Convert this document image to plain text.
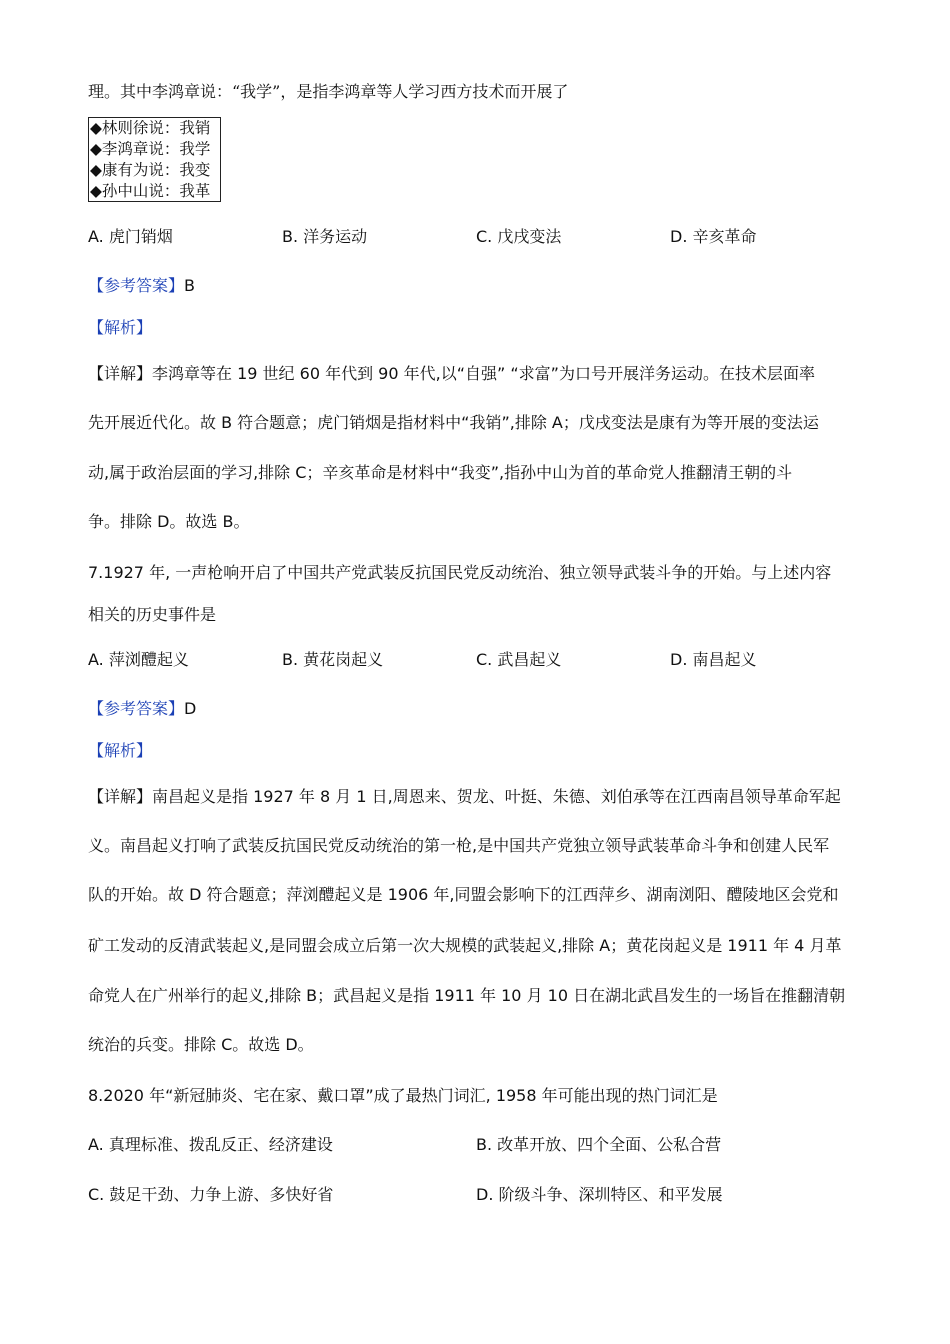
理。其中李鸿章说：“我学”，是指李鸿章等人学习西方技术而开展了
◆林则徐说：我销
◆李鸿章说：我学
◆康有为说：我变
◆孙中山说：我革
A. 虎门销烟	B. 洋务运动	C. 戊戌变法	D. 辛亥革命
【参考答案】B
【解析】
【详解】李鸿章等在 19 世纪 60 年代到 90 年代,以“自强” “求富”为口号开展洋务运动。在技术层面率
先开展近代化。故 B 符合题意；虎门销烟是指材料中“我销”,排除 A；戊戌变法是康有为等开展的变法运
动,属于政治层面的学习,排除 C；辛亥革命是材料中“我变”,指孙中山为首的革命党人推翻清王朝的斗
争。排除 D。故选 B。
7.1927 年, 一声枪响开启了中国共产党武装反抗国民党反动统治、独立领导武装斗争的开始。与上述内容
相关的历史事件是
A. 萍浏醴起义	B. 黄花岗起义	C. 武昌起义	D. 南昌起义
【参考答案】D
【解析】
【详解】南昌起义是指 1927 年 8 月 1 日,周恩来、贺龙、叶挺、朱德、刘伯承等在江西南昌领导革命军起
义。南昌起义打响了武装反抗国民党反动统治的第一枪,是中国共产党独立领导武装革命斗争和创建人民军
队的开始。故 D 符合题意；萍浏醴起义是 1906 年,同盟会影响下的江西萍乡、湖南浏阳、醴陵地区会党和
矿工发动的反清武装起义,是同盟会成立后第一次大规模的武装起义,排除 A；黄花岗起义是 1911 年 4 月革
命党人在广州举行的起义,排除 B；武昌起义是指 1911 年 10 月 10 日在湖北武昌发生的一场旨在推翻清朝
统治的兵变。排除 C。故选 D。
8.2020 年“新冠肺炎、宅在家、戴口罩”成了最热门词汇, 1958 年可能出现的热门词汇是
A. 真理标准、拨乱反正、经济建设	B. 改革开放、四个全面、公私合营
C. 鼓足干劲、力争上游、多快好省	D. 阶级斗争、深圳特区、和平发展
